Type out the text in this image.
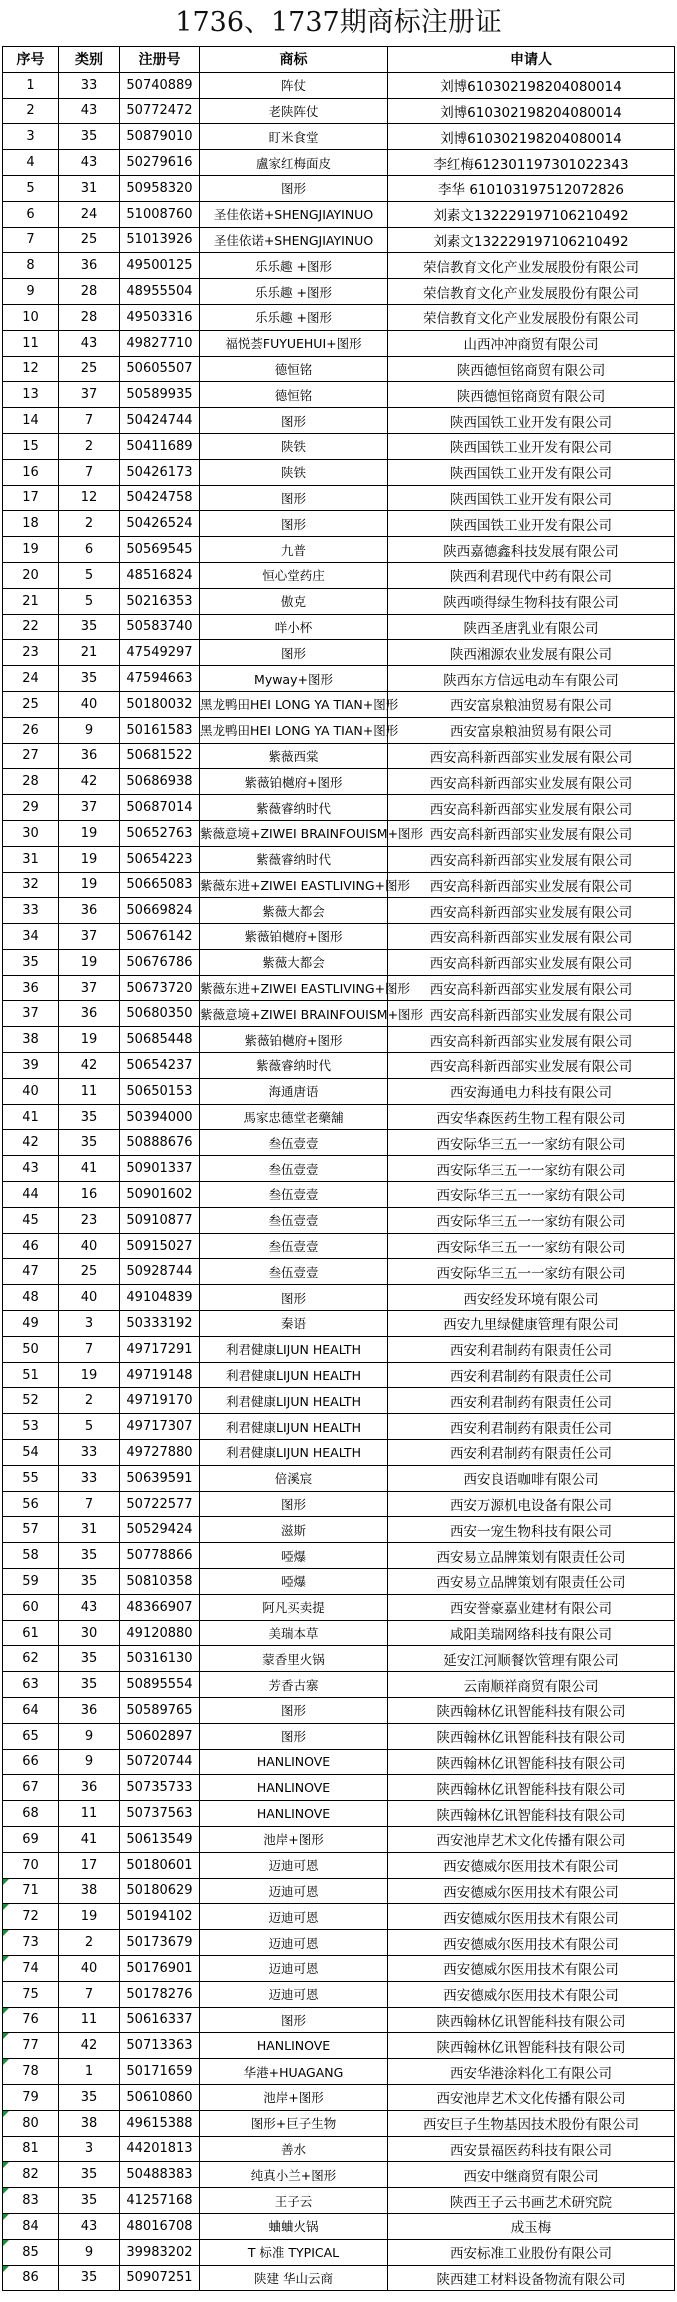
1736、1737期商标注册证
序号	类别	注册号	商标	申请人
1	33	50740889	阵仗	刘博610302198204080014
2	43	50772472	老陕阵仗	刘博610302198204080014
3	35	50879010	盯米食堂	刘博610302198204080014
4	43	50279616	盧家红梅面皮	李红梅612301197301022343
5	31	50958320	图形	李华 610103197512072826
6	24	51008760	圣佳依诺+SHENGJIAYINUO	刘素文132229197106210492
7	25	51013926	圣佳依诺+SHENGJIAYINUO	刘素文132229197106210492
8	36	49500125	乐乐趣 +图形	荣信教育文化产业发展股份有限公司
9	28	48955504	乐乐趣 +图形	荣信教育文化产业发展股份有限公司
10	28	49503316	乐乐趣 +图形	荣信教育文化产业发展股份有限公司
11	43	49827710	福悦荟FUYUEHUI+图形	山西冲冲商贸有限公司
12	25	50605507	德恒铭	陕西德恒铭商贸有限公司
13	37	50589935	德恒铭	陕西德恒铭商贸有限公司
14	7	50424744	图形	陕西国铁工业开发有限公司
15	2	50411689	陕铁	陕西国铁工业开发有限公司
16	7	50426173	陕铁	陕西国铁工业开发有限公司
17	12	50424758	图形	陕西国铁工业开发有限公司
18	2	50426524	图形	陕西国铁工业开发有限公司
19	6	50569545	九普	陕西嘉德鑫科技发展有限公司
20	5	48516824	恒心堂药庄	陕西利君现代中药有限公司
21	5	50216353	傲克	陕西唢得绿生物科技有限公司
22	35	50583740	咩小杯	陕西圣唐乳业有限公司
23	21	47549297	图形	陕西湘源农业发展有限公司
24	35	47594663	Myway+图形	陕西东方信远电动车有限公司
25	40	50180032	黑龙鸭田HEI LONG YA TIAN+图形	西安富泉粮油贸易有限公司
26	9	50161583	黑龙鸭田HEI LONG YA TIAN+图形	西安富泉粮油贸易有限公司
27	36	50681522	紫薇西棠	西安高科新西部实业发展有限公司
28	42	50686938	紫薇铂樾府+图形	西安高科新西部实业发展有限公司
29	37	50687014	紫薇睿纳时代	西安高科新西部实业发展有限公司
30	19	50652763	紫薇意境+ZIWEI BRAINFOUISM+图形	西安高科新西部实业发展有限公司
31	19	50654223	紫薇睿纳时代	西安高科新西部实业发展有限公司
32	19	50665083	紫薇东进+ZIWEI EASTLIVING+图形	西安高科新西部实业发展有限公司
33	36	50669824	紫薇大都会	西安高科新西部实业发展有限公司
34	37	50676142	紫薇铂樾府+图形	西安高科新西部实业发展有限公司
35	19	50676786	紫薇大都会	西安高科新西部实业发展有限公司
36	37	50673720	紫薇东进+ZIWEI EASTLIVING+图形	西安高科新西部实业发展有限公司
37	36	50680350	紫薇意境+ZIWEI BRAINFOUISM+图形	西安高科新西部实业发展有限公司
38	19	50685448	紫薇铂樾府+图形	西安高科新西部实业发展有限公司
39	42	50654237	紫薇睿纳时代	西安高科新西部实业发展有限公司
40	11	50650153	海通唐语	西安海通电力科技有限公司
41	35	50394000	馬家忠德堂老藥舖	西安华森医药生物工程有限公司
42	35	50888676	叁伍壹壹	西安际华三五一一家纺有限公司
43	41	50901337	叁伍壹壹	西安际华三五一一家纺有限公司
44	16	50901602	叁伍壹壹	西安际华三五一一家纺有限公司
45	23	50910877	叁伍壹壹	西安际华三五一一家纺有限公司
46	40	50915027	叁伍壹壹	西安际华三五一一家纺有限公司
47	25	50928744	叁伍壹壹	西安际华三五一一家纺有限公司
48	40	49104839	图形	西安经发环境有限公司
49	3	50333192	秦语	西安九里绿健康管理有限公司
50	7	49717291	利君健康LIJUN HEALTH	西安利君制药有限责任公司
51	19	49719148	利君健康LIJUN HEALTH	西安利君制药有限责任公司
52	2	49719170	利君健康LIJUN HEALTH	西安利君制药有限责任公司
53	5	49717307	利君健康LIJUN HEALTH	西安利君制药有限责任公司
54	33	49727880	利君健康LIJUN HEALTH	西安利君制药有限责任公司
55	33	50639591	倍溪宸	西安良语咖啡有限公司
56	7	50722577	图形	西安万源机电设备有限公司
57	31	50529424	滋斯	西安一宠生物科技有限公司
58	35	50778866	啞爆	西安易立品牌策划有限责任公司
59	35	50810358	啞爆	西安易立品牌策划有限责任公司
60	43	48366907	阿凡买卖提	西安誉豪嘉业建材有限公司
61	30	49120880	美瑞本草	咸阳美瑞网络科技有限公司
62	35	50316130	蒙香里火锅	延安江河顺餐饮管理有限公司
63	35	50895554	芳香古寨	云南顺祥商贸有限公司
64	36	50589765	图形	陕西翰林亿讯智能科技有限公司
65	9	50602897	图形	陕西翰林亿讯智能科技有限公司
66	9	50720744	HANLINOVE	陕西翰林亿讯智能科技有限公司
67	36	50735733	HANLINOVE	陕西翰林亿讯智能科技有限公司
68	11	50737563	HANLINOVE	陕西翰林亿讯智能科技有限公司
69	41	50613549	池岸+图形	西安池岸艺术文化传播有限公司
70	17	50180601	迈迪可恩	西安德威尔医用技术有限公司
71	38	50180629	迈迪可恩	西安德威尔医用技术有限公司
72	19	50194102	迈迪可恩	西安德威尔医用技术有限公司
73	2	50173679	迈迪可恩	西安德威尔医用技术有限公司
74	40	50176901	迈迪可恩	西安德威尔医用技术有限公司
75	7	50178276	迈迪可恩	西安德威尔医用技术有限公司
76	11	50616337	图形	陕西翰林亿讯智能科技有限公司
77	42	50713363	HANLINOVE	陕西翰林亿讯智能科技有限公司
78	1	50171659	华港+HUAGANG	西安华港涂料化工有限公司
79	35	50610860	池岸+图形	西安池岸艺术文化传播有限公司
80	38	49615388	图形+巨子生物	西安巨子生物基因技术股份有限公司
81	3	44201813	善水	西安景福医药科技有限公司
82	35	50488383	纯真小兰+图形	西安中继商贸有限公司
83	35	41257168	王子云	陕西王子云书画艺术研究院
84	43	48016708	蛐蛐火锅	成玉梅
85	9	39983202	T 标准 TYPICAL	西安标准工业股份有限公司
86	35	50907251	陕建 华山云商	陕西建工材料设备物流有限公司
